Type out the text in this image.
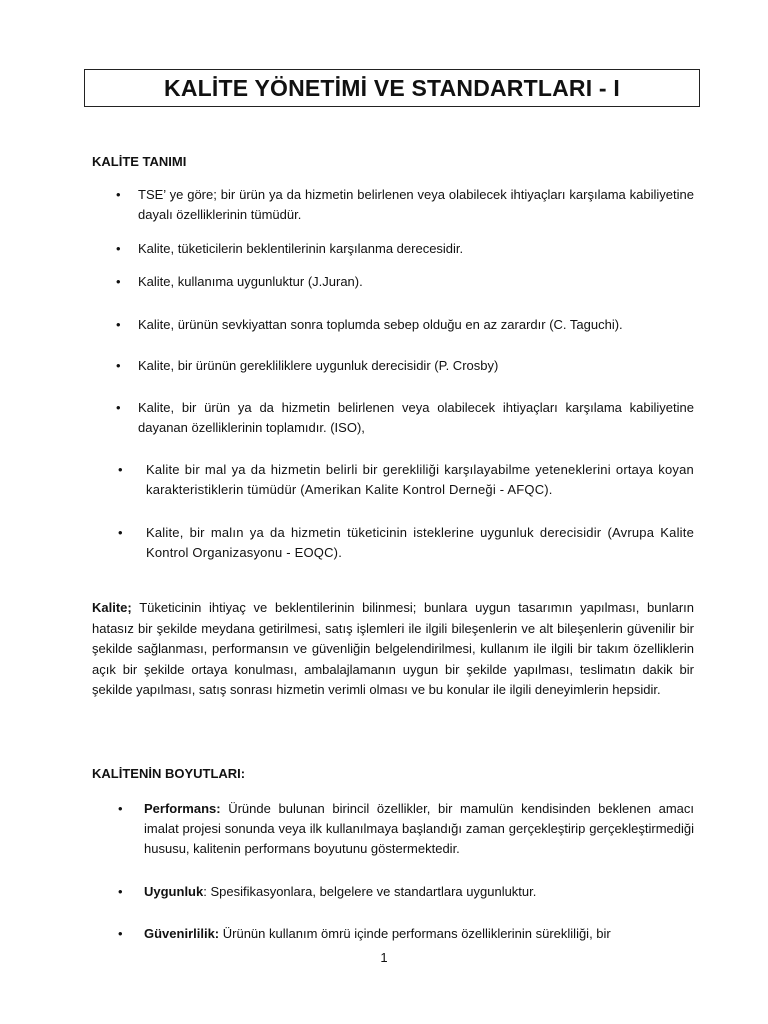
KALİTE YÖNETİMİ VE STANDARTLARI - I
KALİTE TANIMI
• TSE’ ye göre; bir ürün ya da hizmetin belirlenen veya olabilecek ihtiyaçları karşılama kabiliyetine dayalı özelliklerinin tümüdür.
• Kalite, tüketicilerin beklentilerinin karşılanma derecesidir.
• Kalite, kullanıma uygunluktur (J.Juran).
• Kalite, ürünün sevkiyattan sonra toplumda sebep olduğu en az zarardır (C. Taguchi).
• Kalite, bir ürünün gerekliliklere uygunluk derecisidir (P. Crosby)
• Kalite, bir ürün ya da hizmetin belirlenen veya olabilecek ihtiyaçları karşılama kabiliyetine dayanan özelliklerinin toplamıdır. (ISO),
• Kalite bir mal ya da hizmetin belirli bir gerekliliği karşılayabilme yeteneklerini ortaya koyan karakteristiklerin tümüdür (Amerikan Kalite Kontrol Derneği - AFQC).
• Kalite, bir malın ya da hizmetin tüketicinin isteklerine uygunluk derecisidir (Avrupa Kalite Kontrol Organizasyonu - EOQC).
Kalite; Tüketicinin ihtiyaç ve beklentilerinin bilinmesi; bunlara uygun tasarımın yapılması, bunların hatasız bir şekilde meydana getirilmesi, satış işlemleri ile ilgili bileşenlerin ve alt bileşenlerin güvenilir bir şekilde sağlanması, performansın ve güvenliğin belgelendirilmesi, kullanım ile ilgili bir takım özelliklerin açık bir şekilde ortaya konulması, ambalajlamanın uygun bir şekilde yapılması, teslimatın dakik bir şekilde yapılması, satış sonrası hizmetin verimli olması ve bu konular ile ilgili deneyimlerin hepsidir.
KALİTENİN BOYUTLARI:
• Performans: Üründe bulunan birincil özellikler, bir mamulün kendisinden beklenen amacı imalat projesi sonunda veya ilk kullanılmaya başlandığı zaman gerçekleştirip gerçekleştirmediği hususu, kalitenin performans boyutunu göstermektedir.
• Uygunluk: Spesifikasyonlara, belgelere ve standartlara uygunluktur.
• Güvenirlilik: Ürünün kullanım ömrü içinde performans özelliklerinin sürekliliği, bir
1
